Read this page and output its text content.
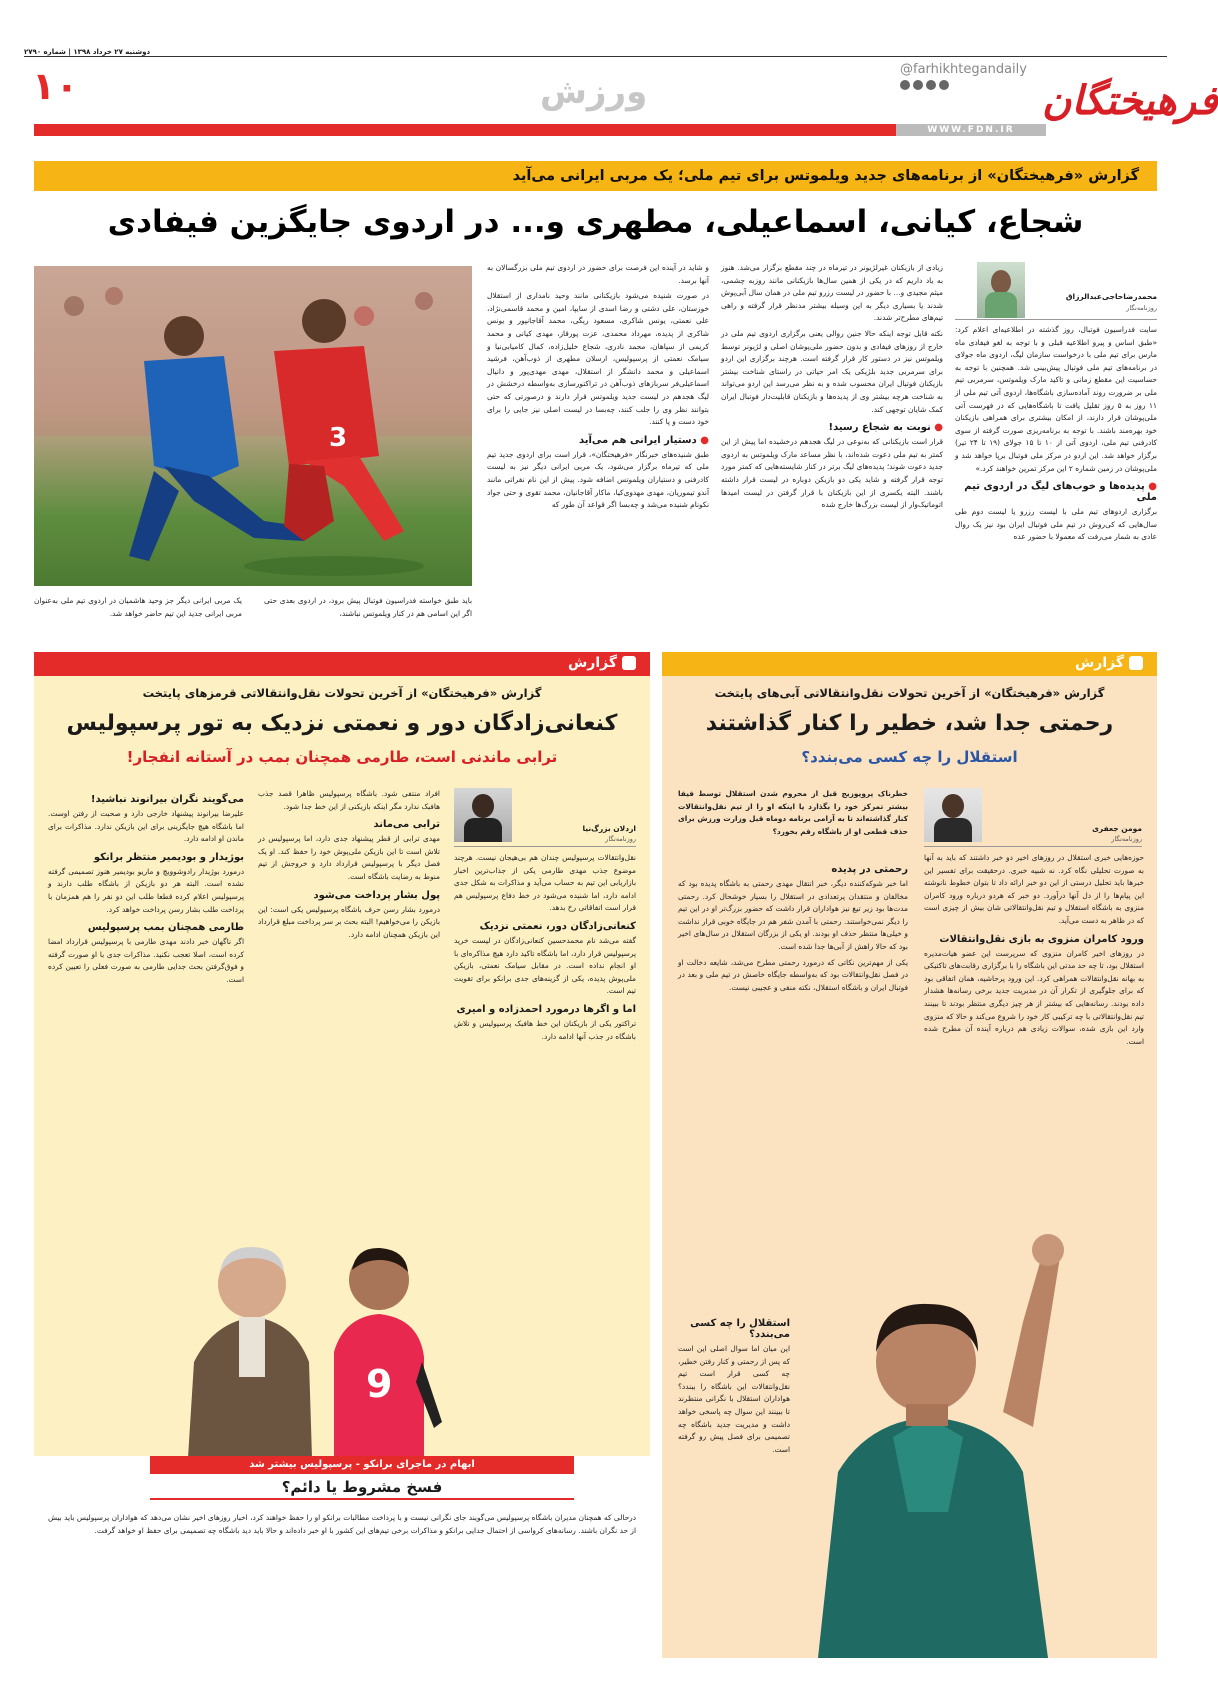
دوشنبه ۲۷ خرداد ۱۳۹۸ | شماره ۲۷۹۰
۱۰	ورزش	فرهیختگان
@farhikhtegandaily
WWW.FDN.IR
گزارش «فرهیختگان» از برنامه‌های جدید ویلموتس برای تیم ملی؛ یک مربی ایرانی می‌آید
شجاع، کیانی، اسماعیلی، مطهری و... در اردوی جایگزین فیفادی
محمدرضاحاجی‌عبدالرزاق
روزنامه‌نگار
سایت فدراسیون فوتبال، روز گذشته در اطلاعیه‌ای اعلام کرد: «طبق اساس و پیرو اطلاعیه قبلی و با توجه به لغو فیفادی ماه مارس برای تیم ملی با درخواست سازمان لیگ، اردوی ماه جولای در برنامه‌های تیم ملی فوتبال پیش‌بینی شد. همچنین با توجه به حساسیت این مقطع زمانی و تاکید مارک ویلموتس، سرمربی تیم ملی بر ضرورت روند آماده‌سازی باشگاه‌ها، اردوی آتی تیم ملی از ۱۱ روز به ۵ روز تقلیل یافت تا باشگاه‌هایی که در فهرست آتی ملی‌پوشان قرار دارند، از امکان بیشتری برای همراهی بازیکنان خود بهره‌مند باشند. با توجه به برنامه‌ریزی صورت گرفته از سوی کادرفنی تیم ملی، اردوی آتی از ۱۰ تا ۱۵ جولای (۱۹ تا ۲۴ تیر) برگزار خواهد شد. این اردو در مرکز ملی فوتبال برپا خواهد شد و ملی‌پوشان در زمین شماره ۲ این مرکز تمرین خواهند کرد.»
● پدیده‌ها و خوب‌های لیگ در اردوی تیم ملی
برگزاری اردوهای تیم ملی با لیست رزرو یا لیست دوم طی سال‌هایی که کی‌روش در تیم ملی فوتبال ایران بود نیز یک روال عادی به شمار می‌رفت که معمولا با حضور عده
زیادی از بازیکنان غیرلژیونر در تیرماه در چند مقطع برگزار می‌شد. هنوز به یاد داریم که در یکی از همین سال‌ها بازیکنانی مانند روزبه چشمی، میثم مجیدی و... با حضور در لیست رزرو تیم ملی در همان سال آبی‌پوش شدند یا بسیاری دیگر به این وسیله بیشتر مدنظر قرار گرفته و راهی تیم‌های مطرح‌تر شدند.
نکته قابل توجه اینکه حالا جنین روالی یعنی برگزاری اردوی تیم ملی در خارج از روزهای فیفادی و بدون حضور ملی‌پوشان اصلی و لژیونر توسط ویلموتس نیز در دستور کار قرار گرفته است. هرچند برگزاری این اردو برای سرمربی جدید بلژیکی یک امر حیاتی در راستای شناخت بیشتر بازیکنان فوتبال ایران محسوب شده و به نظر می‌رسد این اردو می‌تواند به شناخت هرچه بیشتر وی از پدیده‌ها و بازیکنان قابلیت‌دار فوتبال ایران کمک شایان توجهی کند.
● نوبت به شجاع رسید!
قرار است بازیکنانی که به‌نوعی در لیگ هجدهم درخشیده اما پیش از این کمتر به تیم ملی دعوت شده‌اند، با نظر مساعد مارک ویلموتس به اردوی جدید دعوت شوند؛ پدیده‌های لیگ برتر در کنار شایسته‌هایی که کمتر مورد توجه قرار گرفته و شاید یکی دو بازیکن دوباره در لیست قرار داشته باشند. البته یکسری از این بازیکنان با قرار گرفتن در لیست امیدها اتوماتیک‌وار از لیست بزرگ‌ها خارج شده
و شاید در آینده این فرصت برای حضور در اردوی تیم ملی بزرگسالان به آنها برسد.
در صورت شنیده می‌شود بازیکنانی مانند وحید نامداری از استقلال خوزستان، علی دشتی و رضا اسدی از سایپا، امین و محمد قاسمی‌نژاد، علی نعمتی، یونس شاکری، مسعود ریگی، محمد آقاجانپور و یونس شاکری از پدیده، مهرداد محمدی، عزت پورقاز، مهدی کیانی و محمد کریمی از سپاهان، محمد نادری، شجاع خلیل‌زاده، کمال کامیابی‌نیا و سیامک نعمتی از پرسپولیس، ارسلان مطهری از ذوب‌آهن، فرشید اسماعیلی و محمد دانشگر از استقلال، مهدی مهدی‌پور و دانیال اسماعیلی‌فر سربازهای ذوب‌آهن در تراکتورسازی به‌واسطه درخشش در لیگ هجدهم در لیست جدید ویلموتس قرار دارند و درصورتی که حتی بتوانند نظر وی را جلب کنند، چه‌بسا در لیست اصلی نیز جایی را برای خود دست و پا کنند.
● دستیار ایرانی هم می‌آید
طبق شنیده‌های خبرنگار «فرهیختگان»، قرار است برای اردوی جدید تیم ملی که تیرماه برگزار می‌شود، یک مربی ایرانی دیگر نیز به لیست کادرفنی و دستیاران ویلموتس اضافه شود. پیش از این نام نفراتی مانند آندو تیموریان، مهدی مهدوی‌کیا، ماکار آقاجانیان، محمد تقوی و حتی جواد نکونام شنیده می‌شد و چه‌بسا اگر قواعد آن طور که
3
باید طبق خواسته فدراسیون فوتبال پیش برود، در اردوی بعدی حتی اگر این اسامی هم در کنار ویلموتس نباشند،
یک مربی ایرانی دیگر جز وحید هاشمیان در اردوی تیم ملی به‌عنوان مربی ایرانی جدید این تیم حاضر خواهد شد.
گزارش
گزارش «فرهیختگان» از آخرین تحولات نقل‌وانتقالاتی آبی‌های پایتخت
رحمتی جدا شد، خطیر را کنار گذاشتند
استقلال را چه کسی می‌بندد؟
مومن جعفری
روزنامه‌نگار
خطرناک پروپوزیج قبل از محروم شدن استقلال توسط فیفا بیشتر تمرکز خود را بگذارد یا اینکه او را از تیم نقل‌وانتقالات کنار گذاشته‌اند تا به آرامی برنامه دوماه قبل وزارت ورزش برای حذف قطعی او از باشگاه رقم بخورد؟
حوزه‌هایی خبری استقلال در روزهای اخیر دو خبر داشتند که باید به آنها به صورت تحلیلی نگاه کرد. نه شبیه خبری. درحقیقت برای تفسیر این خبرها باید تحلیل درستی از این دو خبر ارائه داد تا بتوان خطوط نانوشته این پیام‌ها را از دل آنها درآورد. دو خبر که هردو درباره ورود کامران منزوی به باشگاه استقلال و تیم نقل‌وانتقالاتی شان بیش از چیزی است که در ظاهر به دست می‌آید.
ورود کامران منزوی به بازی نقل‌وانتقالات
در روزهای اخیر کامران منزوی که سرپرست این عضو هیات‌مدیره استقلال بود، تا چه حد مدتی این باشگاه را با برگزاری رقابت‌های تاکتیکی به بهانه نقل‌وانتقالات همراهی کرد. این ورود پرحاشیه، همان اتفاقی بود که برای جلوگیری از تکرار آن در مدیریت جدید برخی رسانه‌ها هشدار داده بودند. رسانه‌هایی که بیشتر از هر چیز دیگری منتظر بودند تا ببینند تیم نقل‌وانتقالاتی با چه ترکیبی کار خود را شروع می‌کند و حالا که منزوی وارد این بازی شده، سوالات زیادی هم درباره آینده آن مطرح شده است.
رحمتی در پدیده
اما خبر شوکه‌کننده دیگر، خبر انتقال مهدی رحمتی به باشگاه پدیده بود که مخالفان و منتقدان پرتعدادی در استقلال را بسیار خوشحال کرد. رحمتی مدت‌ها بود زیر تیغ نیز هواداران قرار داشت که حضور بزرگ‌تر او در این تیم را دیگر نمی‌خواستند. رحمتی با آمدن شفر هم در جایگاه خوبی قرار نداشت و خیلی‌ها منتظر حذف او بودند. او یکی از بزرگان استقلال در سال‌های اخیر بود که حالا راهش از آبی‌ها جدا شده است.
یکی از مهم‌ترین نکاتی که درمورد رحمتی مطرح می‌شد، شایعه دخالت او در فصل نقل‌وانتقالات بود که به‌واسطه جایگاه خاصش در تیم ملی و بعد در فوتبال ایران و باشگاه استقلال، نکته منفی و عجیبی نیست.
استقلال را چه کسی می‌بندد؟
این میان اما سوال اصلی این است که پس از رحمتی و کنار رفتن خطیر، چه کسی قرار است تیم نقل‌وانتقالات این باشگاه را ببندد؟ هواداران استقلال با نگرانی منتظرند تا ببینند این سوال چه پاسخی خواهد داشت و مدیریت جدید باشگاه چه تصمیمی برای فصل پیش رو گرفته است.
گزارش
گزارش «فرهیختگان» از آخرین تحولات نقل‌وانتقالاتی قرمزهای پایتخت
کنعانی‌زادگان دور و نعمتی نزدیک به تور پرسپولیس
ترابی ماندنی است، طارمی همچنان بمب در آستانه انفجار!
اردلان بزرگ‌نیا
روزنامه‌نگار
نقل‌وانتقالات پرسپولیس چندان هم بی‌هیجان نیست. هرچند موضوع جذب مهدی طارمی یکی از جذاب‌ترین اخبار بازاریابی این تیم به حساب می‌آید و مذاکرات به شکل جدی ادامه دارد، اما شنیده می‌شود در خط دفاع پرسپولیس هم قرار است اتفاقاتی رخ بدهد.
کنعانی‌زادگان دور، نعمتی نزدیک
گفته می‌شد نام محمدحسین کنعانی‌زادگان در لیست خرید پرسپولیس قرار دارد، اما باشگاه تاکید دارد هیچ مذاکره‌ای با او انجام نداده است. در مقابل سیامک نعمتی، بازیکن ملی‌پوش پدیده، یکی از گزینه‌های جدی برانکو برای تقویت تیم است.
اما و اگرها درمورد احمدزاده و امیری
تراکتور یکی از بازیکنان این خط هافبک پرسپولیس و تلاش باشگاه در جذب آنها ادامه دارد.
افراد منتفی شود. باشگاه پرسپولیس ظاهرا قصد جذب هافبک ندارد مگر اینکه بازیکنی از این خط جدا شود.
ترابی می‌ماند
مهدی ترابی از قطر پیشنهاد جدی دارد، اما پرسپولیس در تلاش است تا این بازیکن ملی‌پوش خود را حفظ کند. او یک فصل دیگر با پرسپولیس قرارداد دارد و خروجش از تیم منوط به رضایت باشگاه است.
پول بشار پرداخت می‌شود
درمورد بشار رسن حرف باشگاه پرسپولیس یکی است: این بازیکن را می‌خواهیم! البته بحث بر سر پرداخت مبلغ قرارداد این بازیکن همچنان ادامه دارد.
می‌گویند نگران بیرانوند نباشید!
علیرضا بیرانوند پیشنهاد خارجی دارد و صحبت از رفتن اوست. اما باشگاه هیچ جایگزینی برای این بازیکن ندارد. مذاکرات برای ماندن او ادامه دارد.
بوژیدار و بودیمیر منتظر برانکو
درمورد بوژیدار رادوشوویچ و ماریو بودیمیر هنوز تصمیمی گرفته نشده است. البته هر دو بازیکن از باشگاه طلب دارند و پرسپولیس اعلام کرده قطعا طلب این دو نفر را هم همزمان با پرداخت طلب بشار رسن پرداخت خواهد کرد.
طارمی همچنان بمب پرسپولیس
اگر ناگهان خبر دادند مهدی طارمی با پرسپولیس قرارداد امضا کرده است، اصلا تعجب نکنید. مذاکرات جدی با او صورت گرفته و فوق‌گرفتن بحث جدایی طارمی به صورت فعلی را تعیین کرده است.
9
ابهام در ماجرای برانکو - پرسپولیس بیشتر شد
فسخ مشروط یا دائم؟
درحالی که همچنان مدیران باشگاه پرسپولیس می‌گویند جای نگرانی نیست و با پرداخت مطالبات برانکو او را حفظ خواهند کرد، اخبار روزهای اخیر نشان می‌دهد که هواداران پرسپولیس باید بیش از حد نگران باشند. رسانه‌های کرواسی از احتمال جدایی برانکو و مذاکرات برخی تیم‌های این کشور با او خبر داده‌اند و حالا باید دید باشگاه چه تصمیمی برای حفظ او خواهد گرفت.
